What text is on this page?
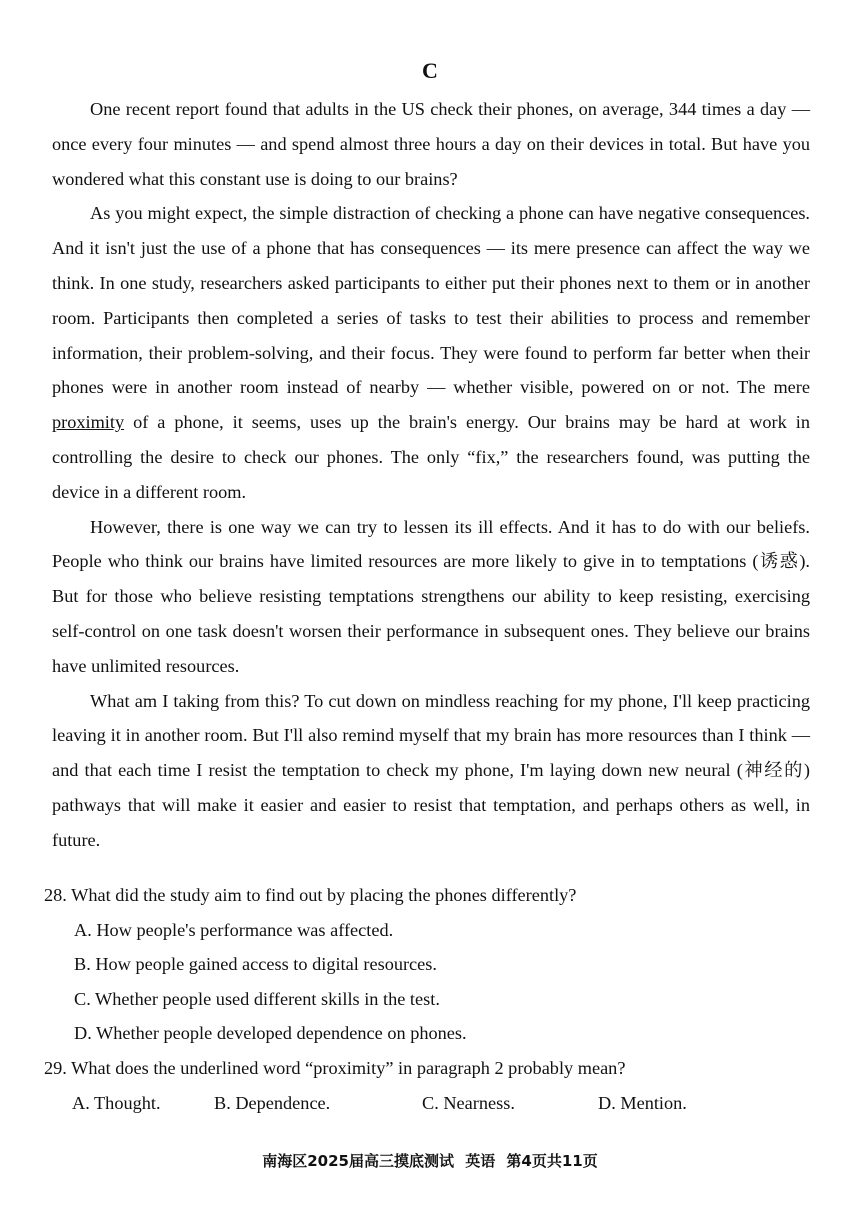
C

One recent report found that adults in the US check their phones, on average, 344 times a day — once every four minutes — and spend almost three hours a day on their devices in total. But have you wondered what this constant use is doing to our brains?

As you might expect, the simple distraction of checking a phone can have negative consequences. And it isn't just the use of a phone that has consequences — its mere presence can affect the way we think. In one study, researchers asked participants to either put their phones next to them or in another room. Participants then completed a series of tasks to test their abilities to process and remember information, their problem-solving, and their focus. They were found to perform far better when their phones were in another room instead of nearby — whether visible, powered on or not. The mere proximity of a phone, it seems, uses up the brain's energy. Our brains may be hard at work in controlling the desire to check our phones. The only “fix,” the researchers found, was putting the device in a different room.

However, there is one way we can try to lessen its ill effects. And it has to do with our beliefs. People who think our brains have limited resources are more likely to give in to temptations (诱惑). But for those who believe resisting temptations strengthens our ability to keep resisting, exercising self-control on one task doesn't worsen their performance in subsequent ones. They believe our brains have unlimited resources.

What am I taking from this? To cut down on mindless reaching for my phone, I'll keep practicing leaving it in another room. But I'll also remind myself that my brain has more resources than I think — and that each time I resist the temptation to check my phone, I'm laying down new neural (神经的) pathways that will make it easier and easier to resist that temptation, and perhaps others as well, in future.

28. What did the study aim to find out by placing the phones differently?

A. How people's performance was affected.
B. How people gained access to digital resources.
C. Whether people used different skills in the test.
D. Whether people developed dependence on phones.

29. What does the underlined word “proximity” in paragraph 2 probably mean?

A. Thought.	B. Dependence.	C. Nearness.	D. Mention.
南海区2025届高三摸底测试 英语 第4页共11页
